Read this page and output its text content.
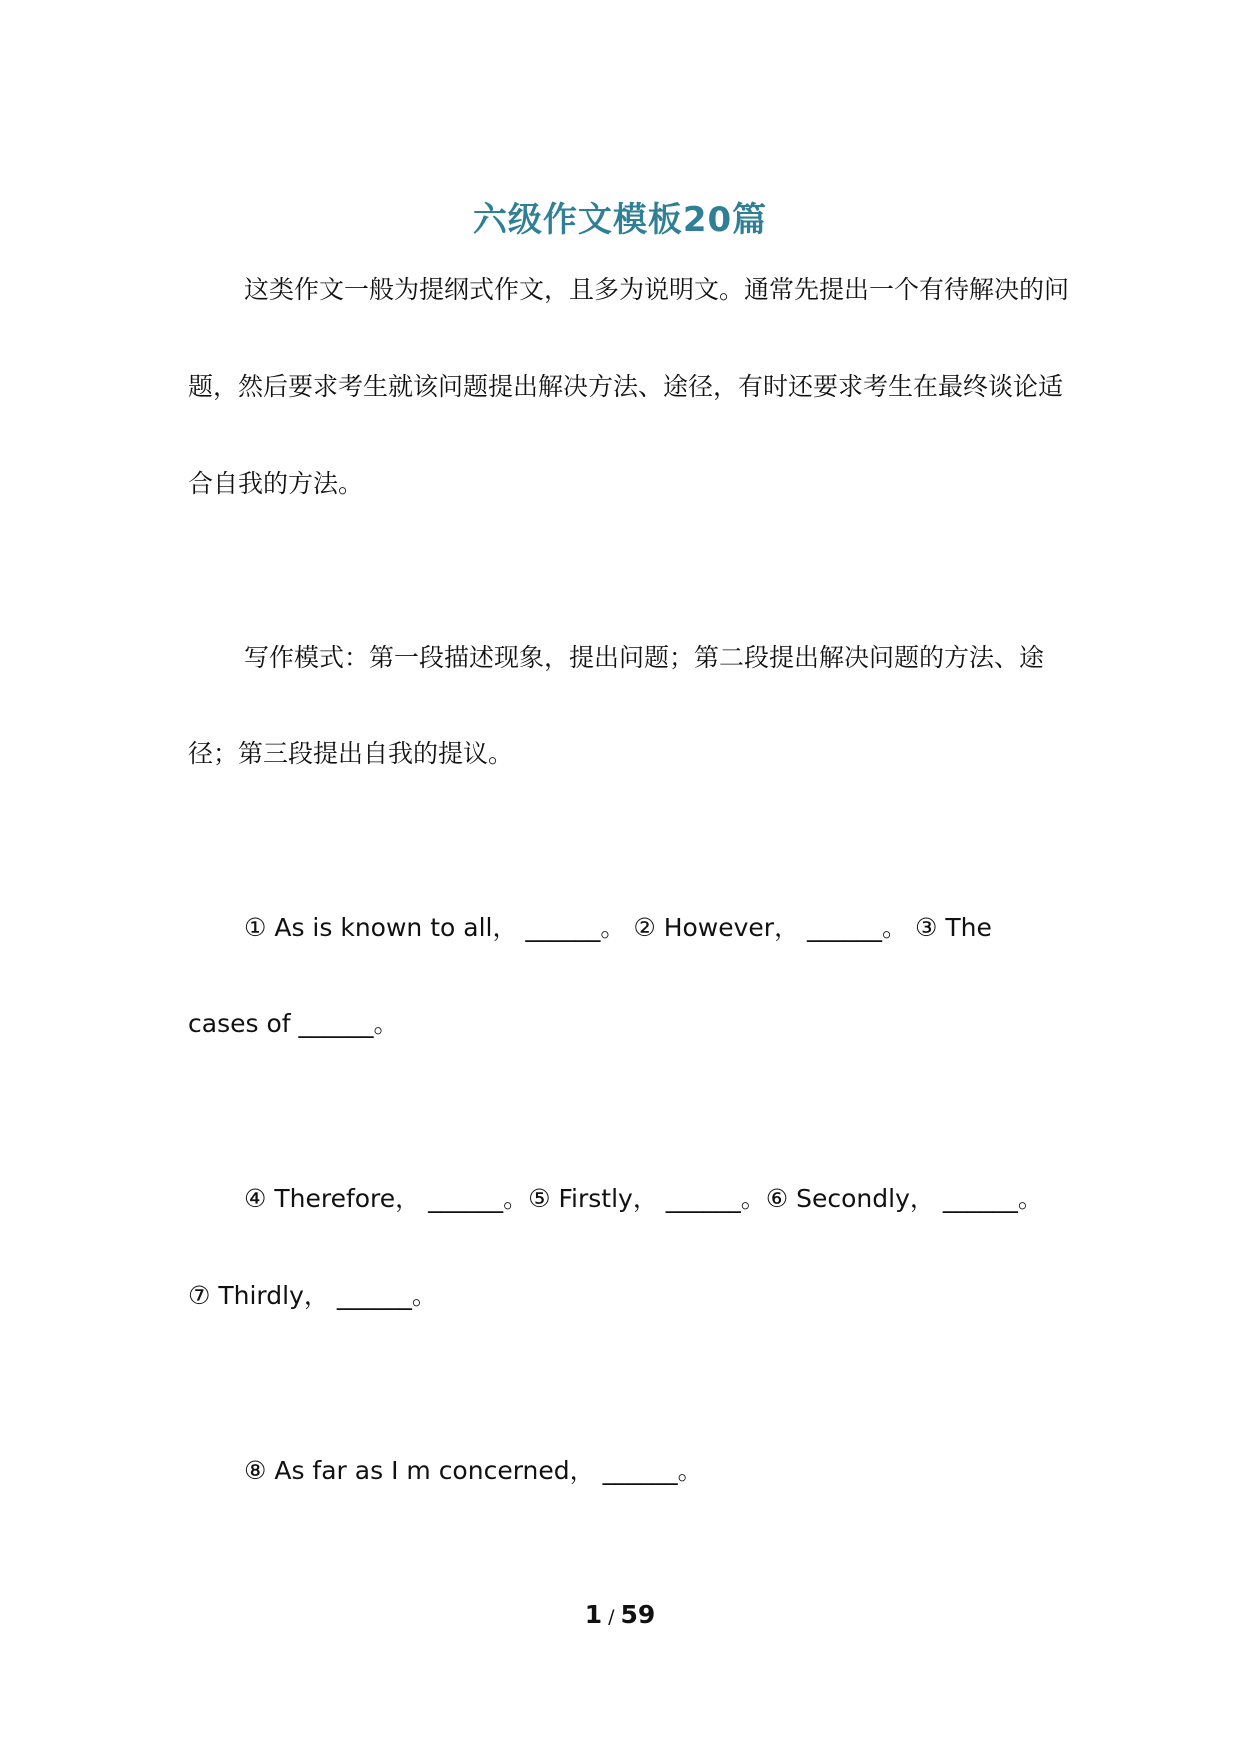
六级作文模板20篇
这类作文一般为提纲式作文，且多为说明文。通常先提出一个有待解决的问
题，然后要求考生就该问题提出解决方法、途径，有时还要求考生在最终谈论适
合自我的方法。
写作模式：第一段描述现象，提出问题；第二段提出解决问题的方法、途
径；第三段提出自我的提议。
① As is known to all， ______。 ② However， ______。 ③ The
cases of ______。
④ Therefore， ______。⑤ Firstly， ______。⑥ Secondly， ______。
⑦ Thirdly， ______。
⑧ As far as I m concerned， ______。
1 / 59
